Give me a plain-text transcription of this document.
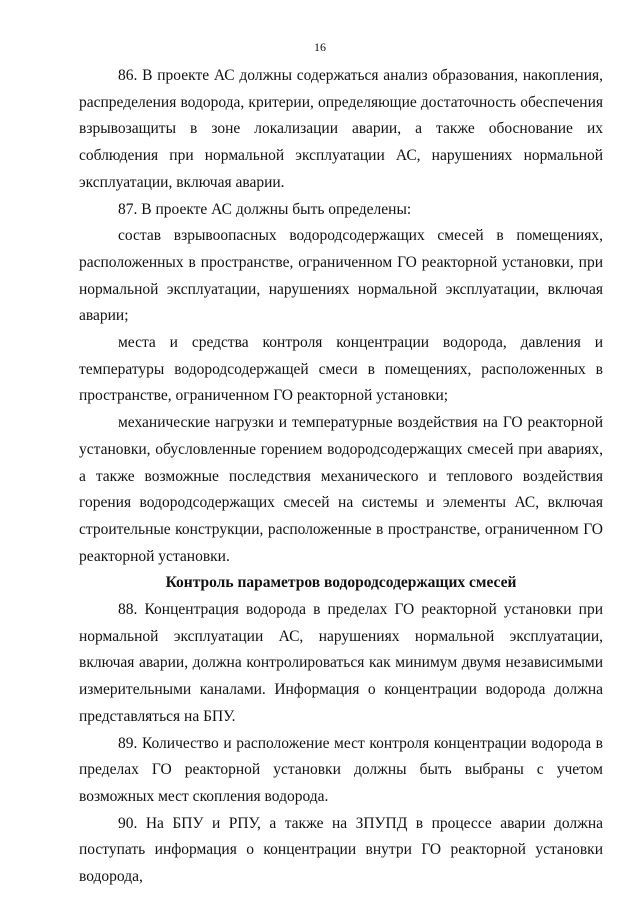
16

86. В проекте АС должны содержаться анализ образования, накопления, распределения водорода, критерии, определяющие достаточность обеспечения взрывозащиты в зоне локализации аварии, а также обоснование их соблюдения при нормальной эксплуатации АС, нарушениях нормальной эксплуатации, включая аварии.

87. В проекте АС должны быть определены:

состав взрывоопасных водородсодержащих смесей в помещениях, расположенных в пространстве, ограниченном ГО реакторной установки, при нормальной эксплуатации, нарушениях нормальной эксплуатации, включая аварии;

места и средства контроля концентрации водорода, давления и температуры водородсодержащей смеси в помещениях, расположенных в пространстве, ограниченном ГО реакторной установки;

механические нагрузки и температурные воздействия на ГО реакторной установки, обусловленные горением водородсодержащих смесей при авариях, а также возможные последствия механического и теплового воздействия горения водородсодержащих смесей на системы и элементы АС, включая строительные конструкции, расположенные в пространстве, ограниченном ГО реакторной установки.

Контроль параметров водородсодержащих смесей

88. Концентрация водорода в пределах ГО реакторной установки при нормальной эксплуатации АС, нарушениях нормальной эксплуатации, включая аварии, должна контролироваться как минимум двумя независимыми измерительными каналами. Информация о концентрации водорода должна представляться на БПУ.

89. Количество и расположение мест контроля концентрации водорода в пределах ГО реакторной установки должны быть выбраны с учетом возможных мест скопления водорода.

90. На БПУ и РПУ, а также на ЗПУПД в процессе аварии должна поступать информация о концентрации внутри ГО реакторной установки водорода,
